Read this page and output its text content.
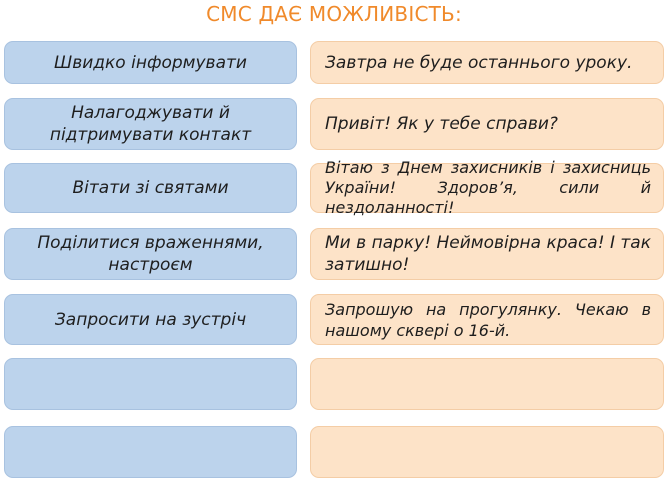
СМС ДАЄ МОЖЛИВІСТЬ:
Швидко інформувати	Завтра не буде останнього уроку.
Налагоджувати й підтримувати контакт
Привіт! Як у тебе справи?
Вітати зі святами
Вітаю з Днем захисників і захисниць України! Здоров’я, сили й нездоланності!
Поділитися враженнями, настроєм
Ми в парку! Неймовірна краса! І так затишно!
Запросити на зустріч
Запрошую на прогулянку. Чекаю в нашому сквері о 16-й.
